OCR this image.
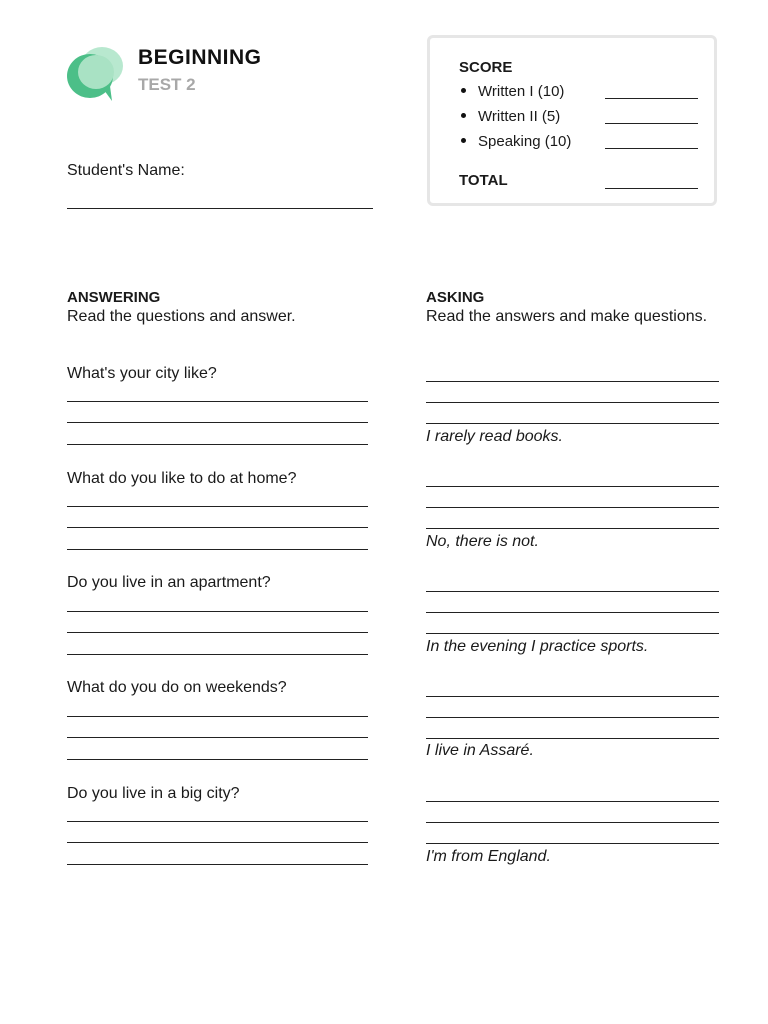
BEGINNING
TEST 2
SCORE
Written I (10)
Written II (5)
Speaking (10)
TOTAL
Student's Name:
ANSWERING
Read the questions and answer.
ASKING
Read the answers and make questions.
What's your city like?
What do you like to do at home?
Do you live in an apartment?
What do you do on weekends?
Do you live in a big city?
I rarely read books.
No, there is not.
In the evening I practice sports.
I live in Assaré.
I'm from England.
